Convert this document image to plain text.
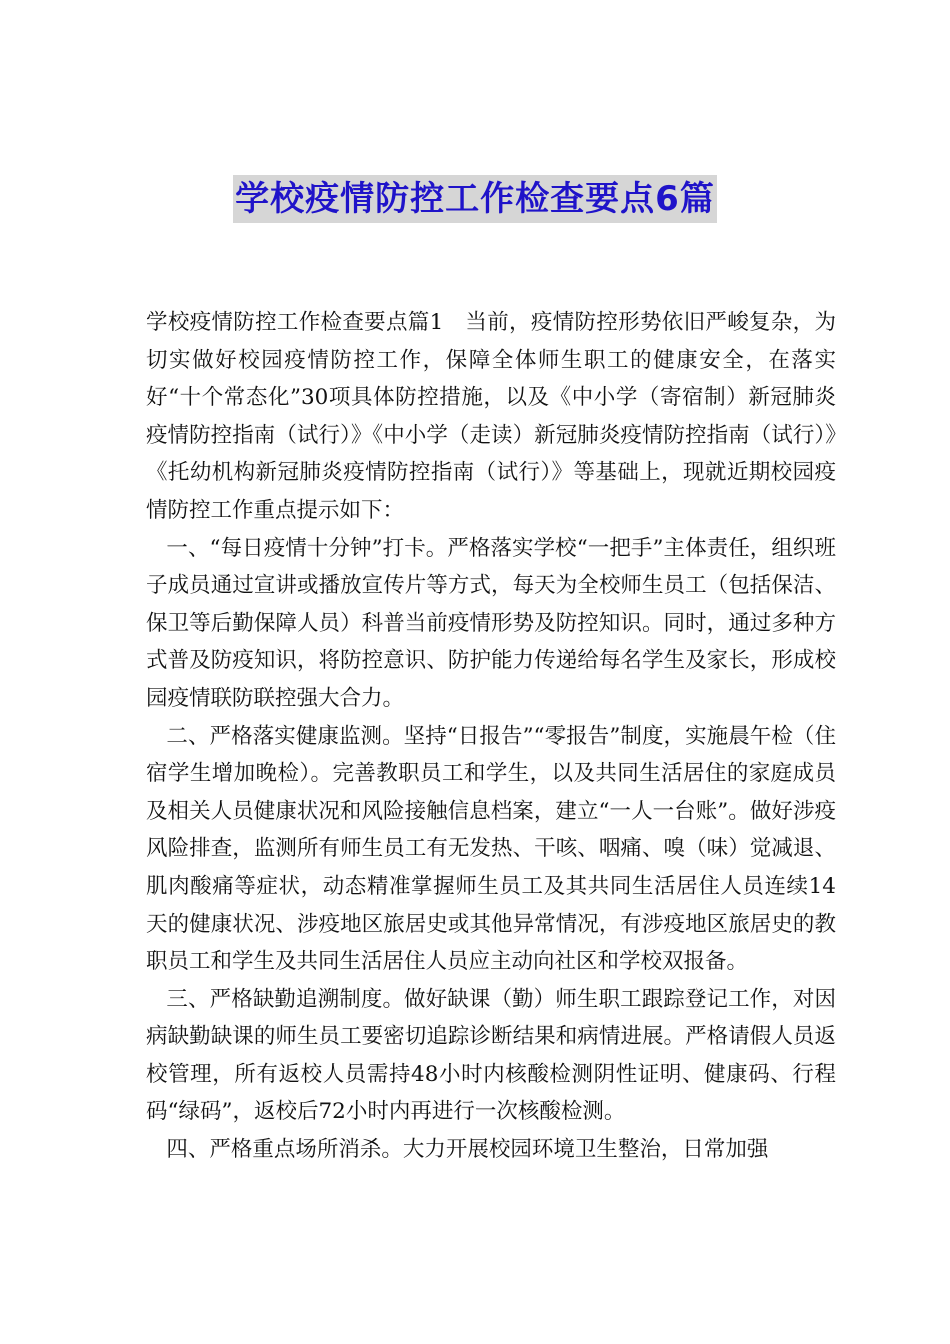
学校疫情防控工作检查要点6篇

学校疫情防控工作检查要点篇1　当前，疫情防控形势依旧严峻复杂，为切实做好校园疫情防控工作，保障全体师生职工的健康安全，在落实好“十个常态化”30项具体防控措施，以及《中小学（寄宿制）新冠肺炎疫情防控指南（试行）》《中小学（走读）新冠肺炎疫情防控指南（试行）》《托幼机构新冠肺炎疫情防控指南（试行）》等基础上，现就近期校园疫情防控工作重点提示如下：

一、“每日疫情十分钟”打卡。严格落实学校“一把手”主体责任，组织班子成员通过宣讲或播放宣传片等方式，每天为全校师生员工（包括保洁、保卫等后勤保障人员）科普当前疫情形势及防控知识。同时，通过多种方式普及防疫知识，将防控意识、防护能力传递给每名学生及家长，形成校园疫情联防联控强大合力。

二、严格落实健康监测。坚持“日报告”“零报告”制度，实施晨午检（住宿学生增加晚检）。完善教职员工和学生，以及共同生活居住的家庭成员及相关人员健康状况和风险接触信息档案，建立“一人一台账”。做好涉疫风险排查，监测所有师生员工有无发热、干咳、咽痛、嗅（味）觉减退、肌肉酸痛等症状，动态精准掌握师生员工及其共同生活居住人员连续14天的健康状况、涉疫地区旅居史或其他异常情况，有涉疫地区旅居史的教职员工和学生及共同生活居住人员应主动向社区和学校双报备。

三、严格缺勤追溯制度。做好缺课（勤）师生职工跟踪登记工作，对因病缺勤缺课的师生员工要密切追踪诊断结果和病情进展。严格请假人员返校管理，所有返校人员需持48小时内核酸检测阴性证明、健康码、行程码“绿码”，返校后72小时内再进行一次核酸检测。

四、严格重点场所消杀。大力开展校园环境卫生整治，日常加强
